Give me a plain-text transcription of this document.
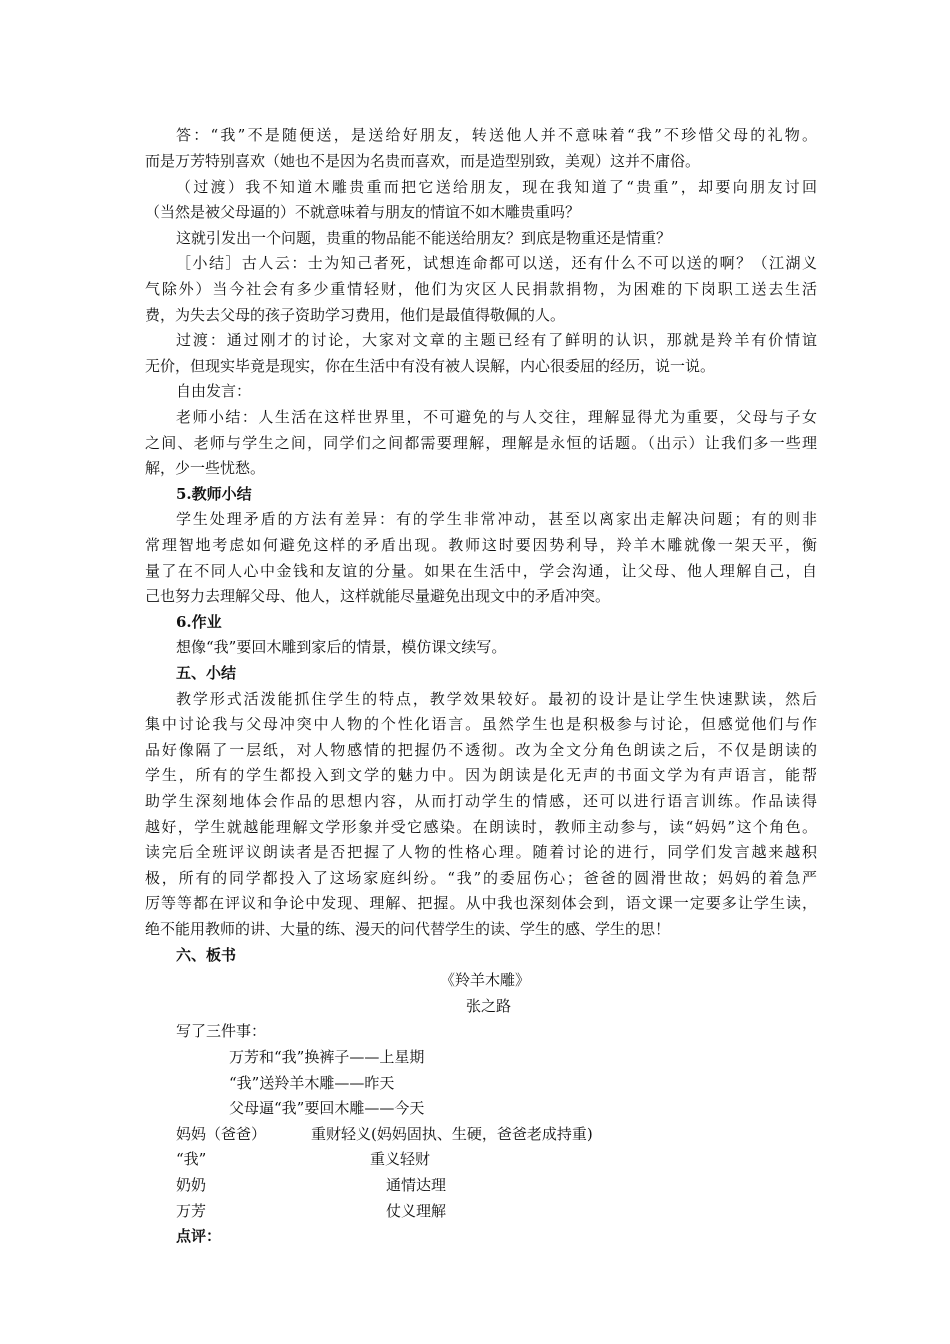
答：“我”不是随便送，是送给好朋友，转送他人并不意味着“我”不珍惜父母的礼物。
而是万芳特别喜欢（她也不是因为名贵而喜欢，而是造型别致，美观）这并不庸俗。
（过渡）我不知道木雕贵重而把它送给朋友，现在我知道了“贵重”，却要向朋友讨回
（当然是被父母逼的）不就意味着与朋友的情谊不如木雕贵重吗？
这就引发出一个问题，贵重的物品能不能送给朋友？到底是物重还是情重？
［小结］古人云：士为知己者死，试想连命都可以送，还有什么不可以送的啊？（江湖义
气除外）当今社会有多少重情轻财，他们为灾区人民捐款捐物，为困难的下岗职工送去生活
费，为失去父母的孩子资助学习费用，他们是最值得敬佩的人。
过渡：通过刚才的讨论，大家对文章的主题已经有了鲜明的认识，那就是羚羊有价情谊
无价，但现实毕竟是现实，你在生活中有没有被人误解，内心很委屈的经历，说一说。
自由发言：
老师小结：人生活在这样世界里，不可避免的与人交往，理解显得尤为重要，父母与子女
之间、老师与学生之间，同学们之间都需要理解，理解是永恒的话题。（出示）让我们多一些理
解，少一些忧愁。
5.教师小结
学生处理矛盾的方法有差异：有的学生非常冲动，甚至以离家出走解决问题；有的则非
常理智地考虑如何避免这样的矛盾出现。教师这时要因势利导，羚羊木雕就像一架天平，衡
量了在不同人心中金钱和友谊的分量。如果在生活中，学会沟通，让父母、他人理解自己，自
己也努力去理解父母、他人，这样就能尽量避免出现文中的矛盾冲突。
6.作业
想像“我”要回木雕到家后的情景，模仿课文续写。
五、小结
教学形式活泼能抓住学生的特点，教学效果较好。最初的设计是让学生快速默读，然后
集中讨论我与父母冲突中人物的个性化语言。虽然学生也是积极参与讨论，但感觉他们与作
品好像隔了一层纸，对人物感情的把握仍不透彻。改为全文分角色朗读之后，不仅是朗读的
学生，所有的学生都投入到文学的魅力中。因为朗读是化无声的书面文学为有声语言，能帮
助学生深刻地体会作品的思想内容，从而打动学生的情感，还可以进行语言训练。作品读得
越好，学生就越能理解文学形象并受它感染。在朗读时，教师主动参与，读“妈妈”这个角色。
读完后全班评议朗读者是否把握了人物的性格心理。随着讨论的进行，同学们发言越来越积
极，所有的同学都投入了这场家庭纠纷。“我”的委屈伤心；爸爸的圆滑世故；妈妈的着急严
厉等等都在评议和争论中发现、理解、把握。从中我也深刻体会到，语文课一定要多让学生读，
绝不能用教师的讲、大量的练、漫天的问代替学生的读、学生的感、学生的思！
六、板书
《羚羊木雕》
张之路
写了三件事：
万芳和“我”换裤子——上星期
“我”送羚羊木雕——昨天
父母逼“我”要回木雕——今天
妈妈（爸爸）	重财轻义(妈妈固执、生硬，爸爸老成持重)
“我”	重义轻财
奶奶	通情达理
万芳	仗义理解
点评：
